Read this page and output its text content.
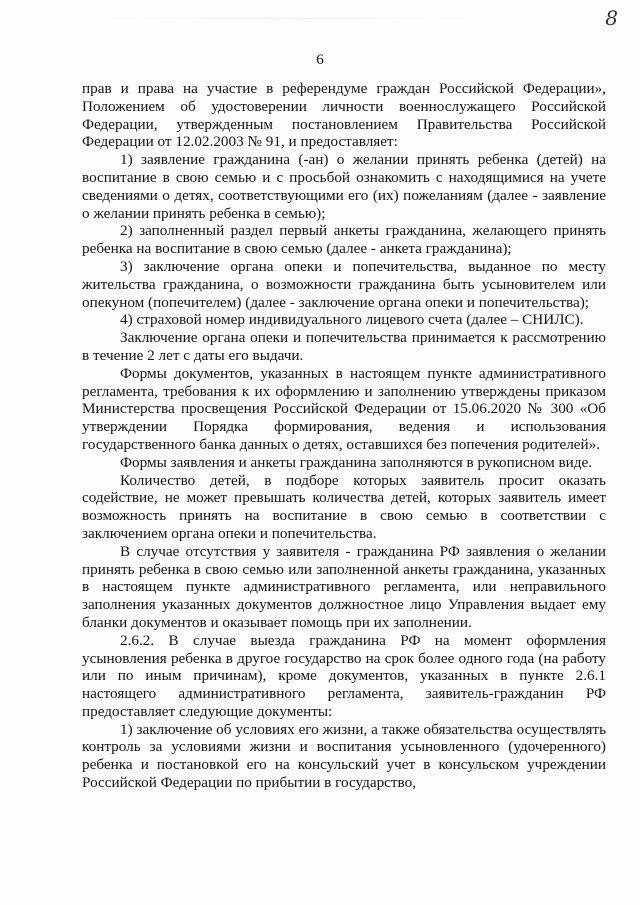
8
6

прав и права на участие в референдуме граждан Российской Федерации», Положением об удостоверении личности военнослужащего Российской Федерации, утвержденным постановлением Правительства Российской Федерации от 12.02.2003 № 91, и предоставляет:

1) заявление гражданина (-ан) о желании принять ребенка (детей) на воспитание в свою семью и с просьбой ознакомить с находящимися на учете сведениями о детях, соответствующими его (их) пожеланиям (далее - заявление о желании принять ребенка в семью);

2) заполненный раздел первый анкеты гражданина, желающего принять ребенка на воспитание в свою семью (далее - анкета гражданина);

3) заключение органа опеки и попечительства, выданное по месту жительства гражданина, о возможности гражданина быть усыновителем или опекуном (попечителем) (далее - заключение органа опеки и попечительства);

4) страховой номер индивидуального лицевого счета (далее – СНИЛС).

Заключение органа опеки и попечительства принимается к рассмотрению в течение 2 лет с даты его выдачи.

Формы документов, указанных в настоящем пункте административного регламента, требования к их оформлению и заполнению утверждены приказом Министерства просвещения Российской Федерации от 15.06.2020 № 300 «Об утверждении Порядка формирования, ведения и использования государственного банка данных о детях, оставшихся без попечения родителей».

Формы заявления и анкеты гражданина заполняются в рукописном виде.

Количество детей, в подборе которых заявитель просит оказать содействие, не может превышать количества детей, которых заявитель имеет возможность принять на воспитание в свою семью в соответствии с заключением органа опеки и попечительства.

В случае отсутствия у заявителя - гражданина РФ заявления о желании принять ребенка в свою семью или заполненной анкеты гражданина, указанных в настоящем пункте административного регламента, или неправильного заполнения указанных документов должностное лицо Управления выдает ему бланки документов и оказывает помощь при их заполнении.

2.6.2. В случае выезда гражданина РФ на момент оформления усыновления ребенка в другое государство на срок более одного года (на работу или по иным причинам), кроме документов, указанных в пункте 2.6.1 настоящего административного регламента, заявитель-гражданин РФ предоставляет следующие документы:

1) заключение об условиях его жизни, а также обязательства осуществлять контроль за условиями жизни и воспитания усыновленного (удочеренного) ребенка и постановкой его на консульский учет в консульском учреждении Российской Федерации по прибытии в государство,
